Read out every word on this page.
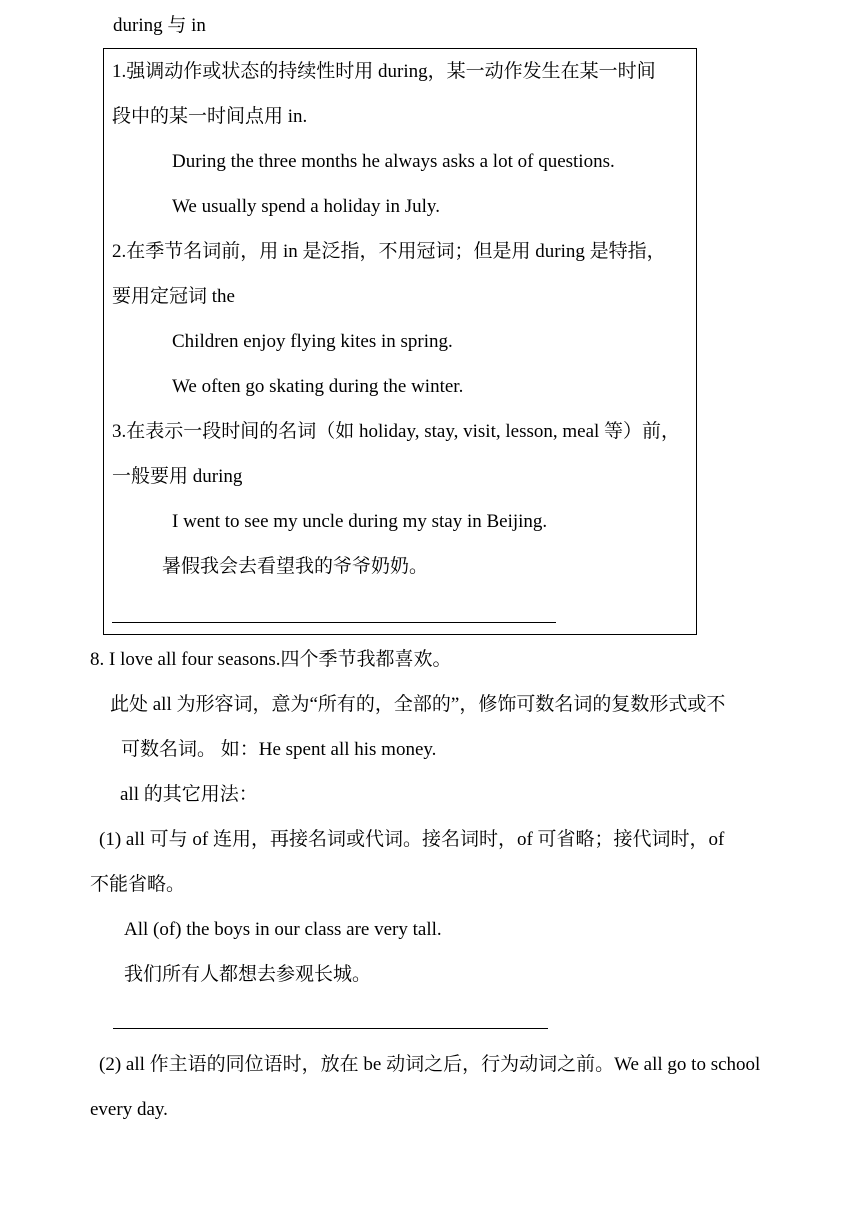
during 与 in
1.强调动作或状态的持续性时用 during，某一动作发生在某一时间
段中的某一时间点用 in.
During the three months he always asks a lot of questions.
We usually spend a holiday in July.
2.在季节名词前，用 in 是泛指，不用冠词；但是用 during 是特指，
要用定冠词 the
Children enjoy flying kites in spring.
We often go skating during the winter.
3.在表示一段时间的名词（如 holiday, stay, visit, lesson, meal 等）前，
一般要用 during
I went to see my uncle during my stay in Beijing.
暑假我会去看望我的爷爷奶奶。
8. I love all four seasons.四个季节我都喜欢。
此处 all 为形容词，意为“所有的，全部的”，修饰可数名词的复数形式或不
可数名词。 如：He spent all his money.
all 的其它用法：
(1) all 可与 of 连用，再接名词或代词。接名词时，of 可省略；接代词时，of
不能省略。
All (of) the boys in our class are very tall.
我们所有人都想去参观长城。
(2) all 作主语的同位语时，放在 be 动词之后，行为动词之前。We all go to school
every day.
